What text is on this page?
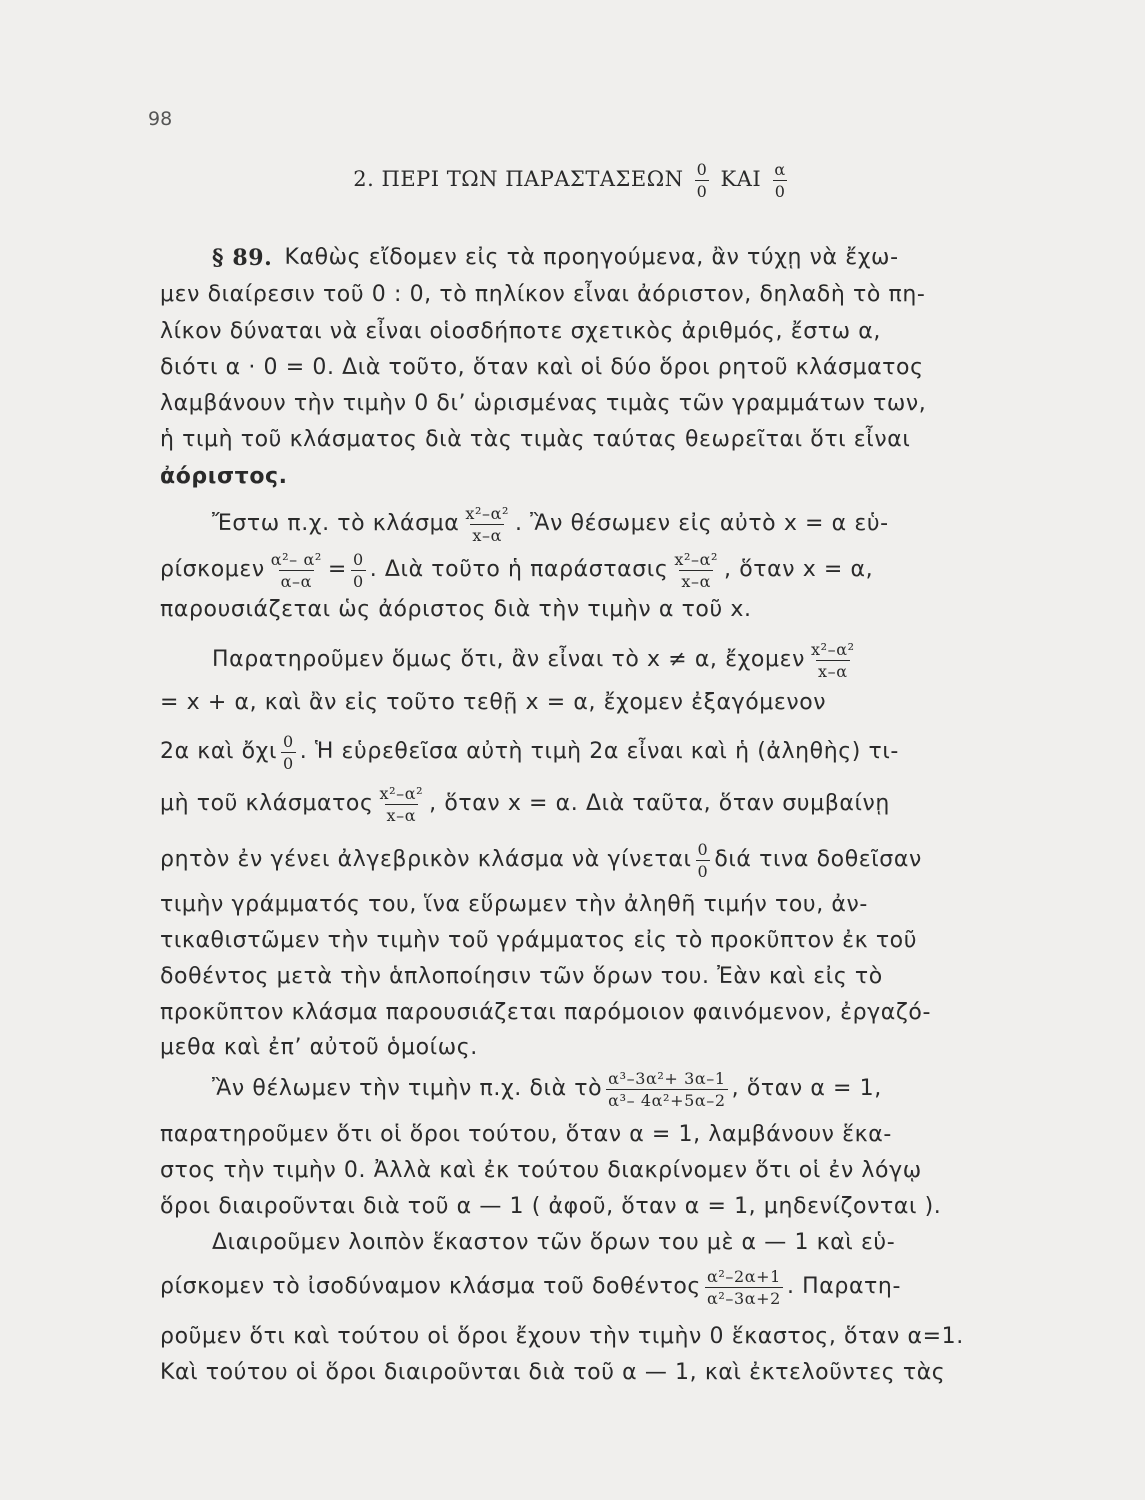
98
2. ΠΕΡΙ ΤΩΝ ΠΑΡΑΣΤΑΣΕΩΝ $\frac{0}{0}$ ΚΑΙ $\frac{\alpha}{0}$
§ 89. Καθὼς εἴδομεν εἰς τὰ προηγούμενα, ἂν τύχῃ νὰ ἔχω-
μεν διαίρεσιν τοῦ 0 : 0, τὸ πηλίκον εἶναι ἀόριστον, δηλαδὴ τὸ πη-
λίκον δύναται νὰ εἶναι οἱοσδήποτε σχετικὸς ἀριθμός, ἔστω α,
διότι α · 0 = 0. Διὰ τοῦτο, ὅταν καὶ οἱ δύο ὅροι ρητοῦ κλάσματος
λαμβάνουν τὴν τιμὴν 0 δι’ ὡρισμένας τιμὰς τῶν γραμμάτων των,
ἡ τιμὴ τοῦ κλάσματος διὰ τὰς τιμὰς ταύτας θεωρεῖται ὅτι εἶναι
ἀόριστος.
Ἔστω π.χ. τὸ κλάσμα $\frac{\text{x²–α²}}{x-\alpha}$ . Ἂν θέσωμεν εἰς αὐτὸ x = α εὑ-
ρίσκομεν $\frac{\text{α²– α²}}{\alpha-\alpha} = \frac{0}{0}$ . Διὰ τοῦτο ἡ παράστασις $\frac{\text{x²–α²}}{x-\alpha}$ , ὅταν x = α,
παρουσιάζεται ὡς ἀόριστος διὰ τὴν τιμὴν α τοῦ x.
Παρατηροῦμεν ὅμως ὅτι, ἂν εἶναι τὸ x ≠ α, ἔχομεν $\frac{\text{x²–α²}}{x-\alpha}$
= x + α, καὶ ἂν εἰς τοῦτο τεθῇ x = α, ἔχομεν ἐξαγόμενον
2α καὶ ὄχι $\frac{0}{0}$ . Ἡ εὑρεθεῖσα αὐτὴ τιμὴ 2α εἶναι καὶ ἡ (ἀληθὴς) τι-
μὴ τοῦ κλάσματος $\frac{\text{x²–α²}}{x-\alpha}$ , ὅταν x = α. Διὰ ταῦτα, ὅταν συμβαίνῃ
ρητὸν ἐν γένει ἀλγεβρικὸν κλάσμα νὰ γίνεται $\frac{0}{0}$ διά τινα δοθεῖσαν
τιμὴν γράμματός του, ἵνα εὕρωμεν τὴν ἀληθῆ τιμήν του, ἀν-
τικαθιστῶμεν τὴν τιμὴν τοῦ γράμματος εἰς τὸ προκῦπτον ἐκ τοῦ
δοθέντος μετὰ τὴν ἁπλοποίησιν τῶν ὅρων του. Ἐὰν καὶ εἰς τὸ
προκῦπτον κλάσμα παρουσιάζεται παρόμοιον φαινόμενον, ἐργαζό-
μεθα καὶ ἐπ’ αὐτοῦ ὁμοίως.
Ἂν θέλωμεν τὴν τιμὴν π.χ. διὰ τὸ $\frac{\text{α³–3α²+ 3α–1}}{\text{α³– 4α²+5α–2}}$ , ὅταν α = 1,
παρατηροῦμεν ὅτι οἱ ὅροι τούτου, ὅταν α = 1, λαμβάνουν ἕκα-
στος τὴν τιμὴν 0. Ἀλλὰ καὶ ἐκ τούτου διακρίνομεν ὅτι οἱ ἐν λόγῳ
ὅροι διαιροῦνται διὰ τοῦ α — 1 ( ἀφοῦ, ὅταν α = 1, μηδενίζονται ).
Διαιροῦμεν λοιπὸν ἕκαστον τῶν ὅρων του μὲ α — 1 καὶ εὑ-
ρίσκομεν τὸ ἰσοδύναμον κλάσμα τοῦ δοθέντος $\frac{\text{α²–2α+1}}{\text{α²–3α+2}}$ . Παρατη-
ροῦμεν ὅτι καὶ τούτου οἱ ὅροι ἔχουν τὴν τιμὴν 0 ἕκαστος, ὅταν α=1.
Καὶ τούτου οἱ ὅροι διαιροῦνται διὰ τοῦ α — 1, καὶ ἐκτελοῦντες τὰς
